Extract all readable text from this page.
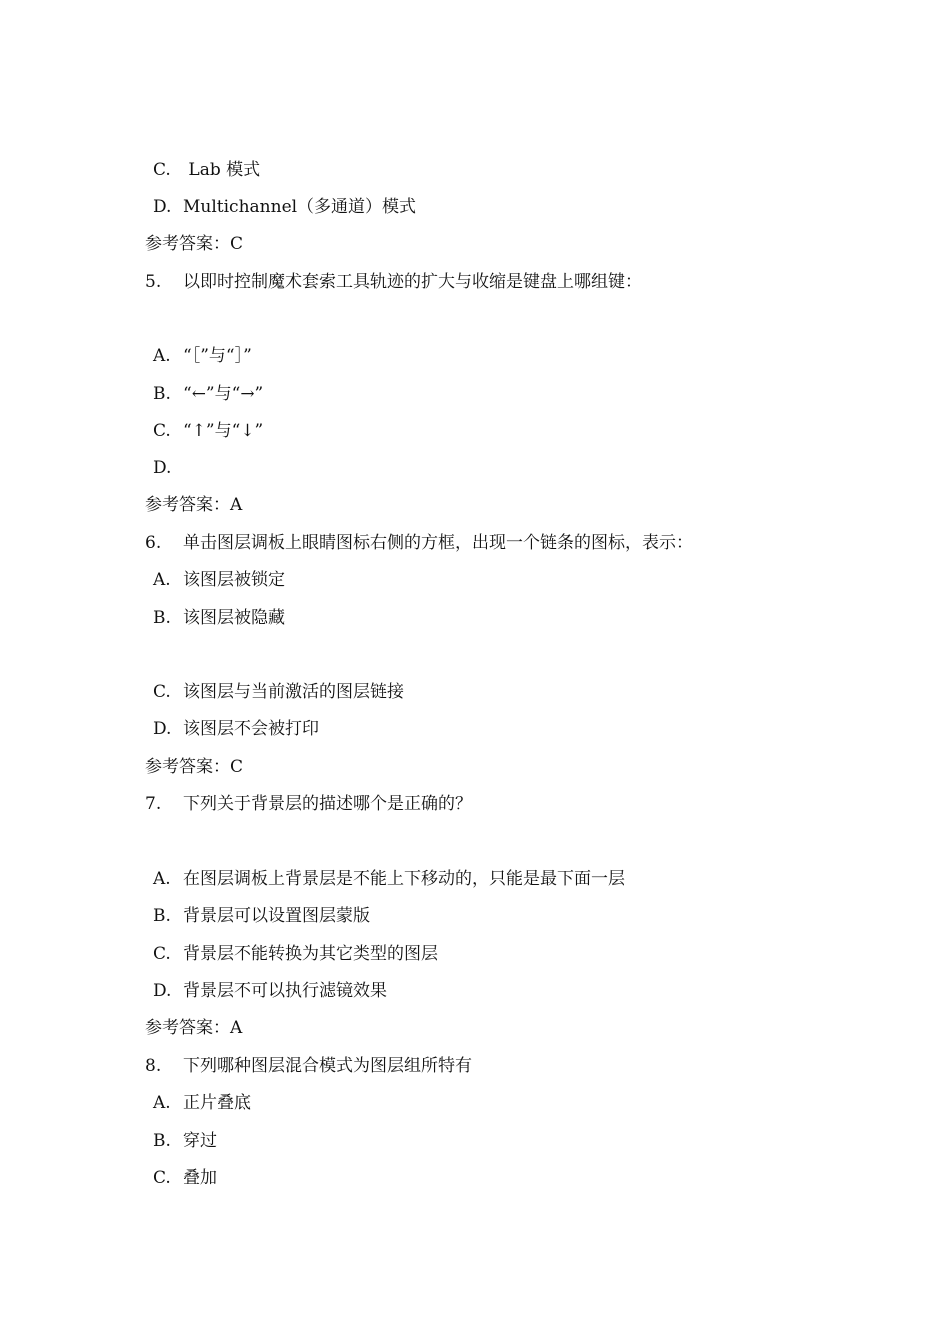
C. Lab 模式
D. Multichannel（多通道）模式
参考答案：C
5. 以即时控制魔术套索工具轨迹的扩大与收缩是键盘上哪组键：
A. “［”与“］”
B. “←”与“→”
C. “↑”与“↓”
D.
参考答案：A
6. 单击图层调板上眼睛图标右侧的方框，出现一个链条的图标，表示：
A. 该图层被锁定
B. 该图层被隐藏
C. 该图层与当前激活的图层链接
D. 该图层不会被打印
参考答案：C
7. 下列关于背景层的描述哪个是正确的？
A. 在图层调板上背景层是不能上下移动的，只能是最下面一层
B. 背景层可以设置图层蒙版
C. 背景层不能转换为其它类型的图层
D. 背景层不可以执行滤镜效果
参考答案：A
8. 下列哪种图层混合模式为图层组所特有
A. 正片叠底
B. 穿过
C. 叠加
